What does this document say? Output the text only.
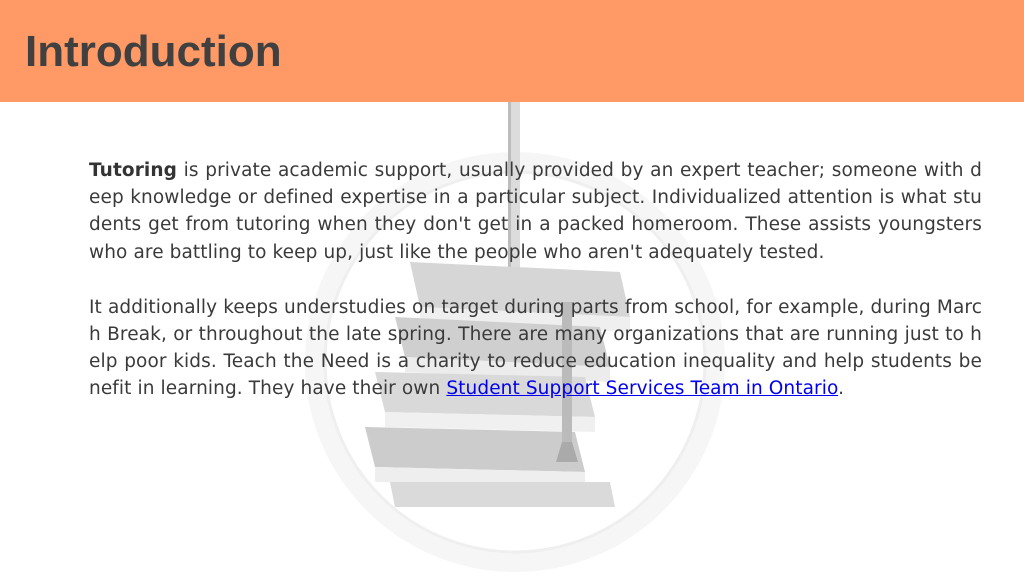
Introduction

Tutoring is private academic support, usually provided by an expert teacher; someone with deep knowledge or defined expertise in a particular subject. Individualized attention is what students get from tutoring when they don't get in a packed homeroom. These assists youngsters who are battling to keep up, just like the people who aren't adequately tested.

It additionally keeps understudies on target during parts from school, for example, during March Break, or throughout the late spring. There are many organizations that are running just to help poor kids. Teach the Need is a charity to reduce education inequality and help students benefit in learning. They have their own Student Support Services Team in Ontario.
